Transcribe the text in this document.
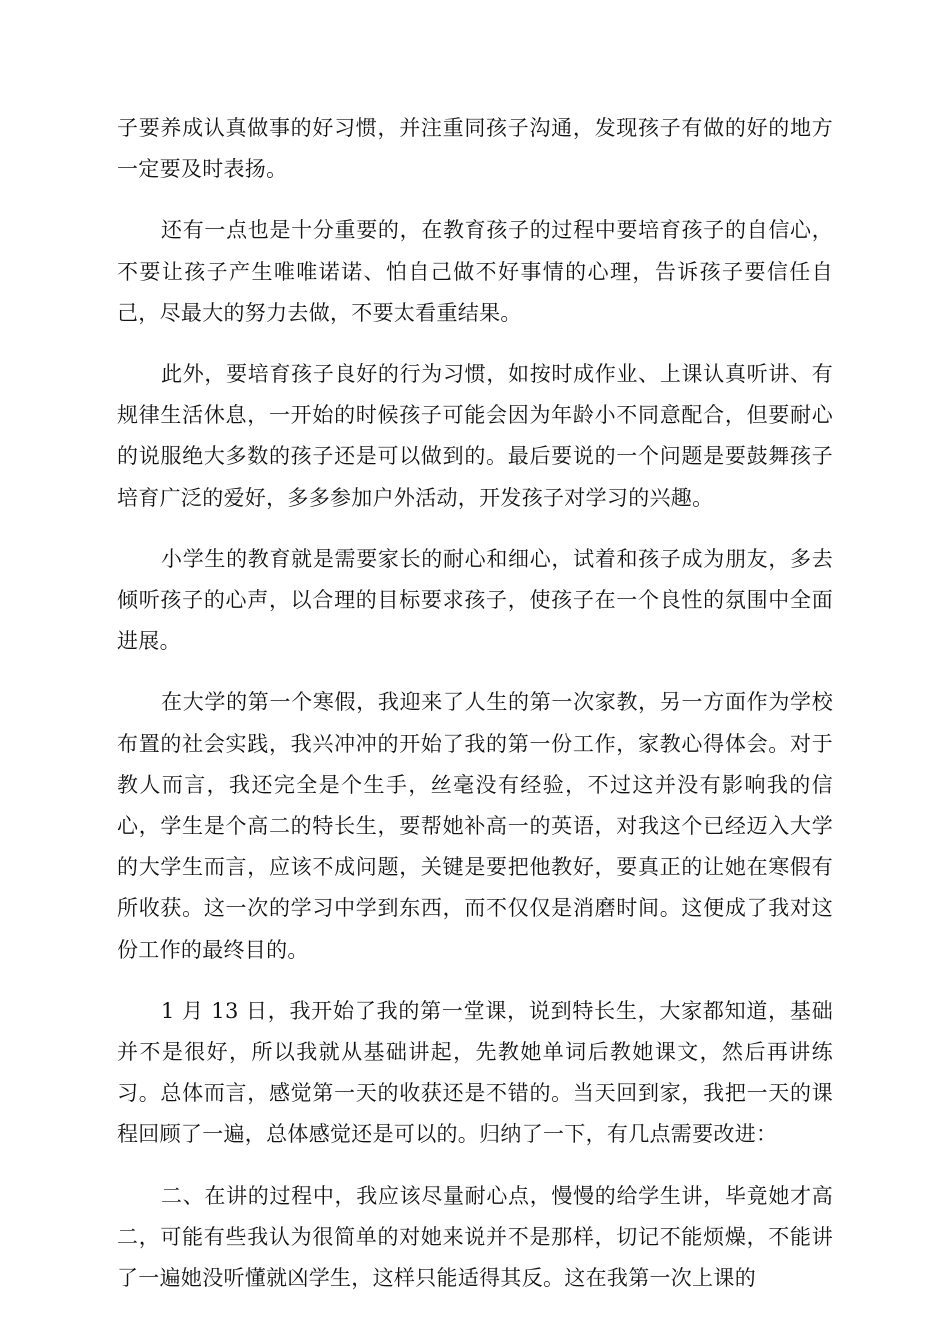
子要养成认真做事的好习惯，并注重同孩子沟通，发现孩子有做的好的地方一定要及时表扬。

还有一点也是十分重要的，在教育孩子的过程中要培育孩子的自信心，不要让孩子产生唯唯诺诺、怕自己做不好事情的心理，告诉孩子要信任自己，尽最大的努力去做，不要太看重结果。

此外，要培育孩子良好的行为习惯，如按时成作业、上课认真听讲、有规律生活休息，一开始的时候孩子可能会因为年龄小不同意配合，但要耐心的说服绝大多数的孩子还是可以做到的。最后要说的一个问题是要鼓舞孩子培育广泛的爱好，多多参加户外活动，开发孩子对学习的兴趣。

小学生的教育就是需要家长的耐心和细心，试着和孩子成为朋友，多去倾听孩子的心声，以合理的目标要求孩子，使孩子在一个良性的氛围中全面进展。

在大学的第一个寒假，我迎来了人生的第一次家教，另一方面作为学校布置的社会实践，我兴冲冲的开始了我的第一份工作，家教心得体会。对于教人而言，我还完全是个生手，丝毫没有经验，不过这并没有影响我的信心，学生是个高二的特长生，要帮她补高一的英语，对我这个已经迈入大学的大学生而言，应该不成问题，关键是要把他教好，要真正的让她在寒假有所收获。这一次的学习中学到东西，而不仅仅是消磨时间。这便成了我对这份工作的最终目的。

1 月 13 日，我开始了我的第一堂课，说到特长生，大家都知道，基础并不是很好，所以我就从基础讲起，先教她单词后教她课文，然后再讲练习。总体而言，感觉第一天的收获还是不错的。当天回到家，我把一天的课程回顾了一遍，总体感觉还是可以的。归纳了一下，有几点需要改进：

二、在讲的过程中，我应该尽量耐心点，慢慢的给学生讲，毕竟她才高二，可能有些我认为很简单的对她来说并不是那样，切记不能烦燥，不能讲了一遍她没听懂就凶学生，这样只能适得其反。这在我第一次上课的
